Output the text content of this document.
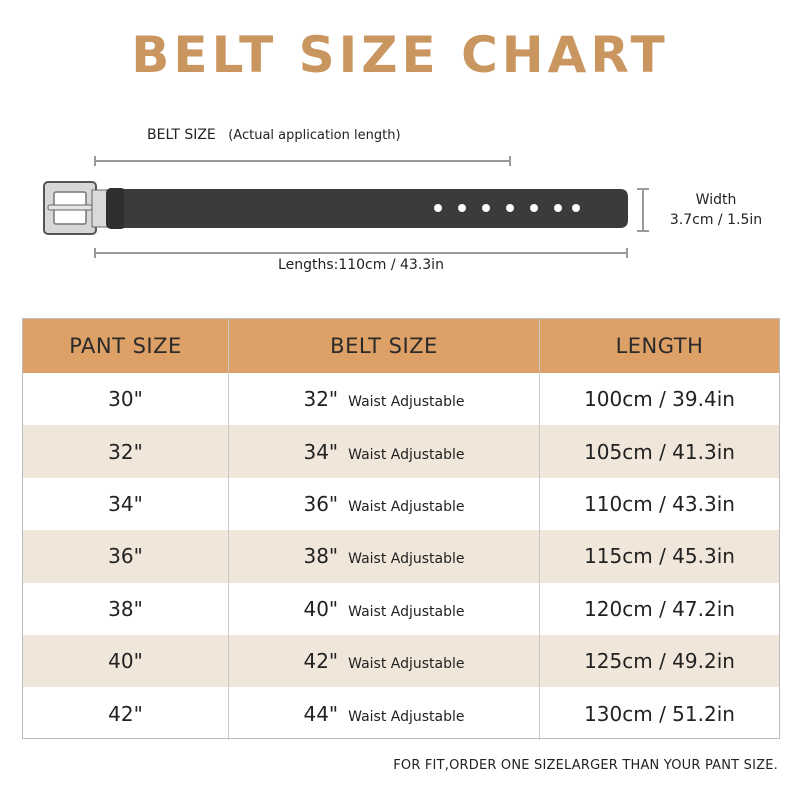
BELT SIZE CHART
BELT SIZE (Actual application length)
Width
3.7cm / 1.5in
Lengths:110cm / 43.3in
PANT SIZE	BELT SIZE	LENGTH
30"	32" Waist Adjustable	100cm / 39.4in
32"	34" Waist Adjustable	105cm / 41.3in
34"	36" Waist Adjustable	110cm / 43.3in
36"	38" Waist Adjustable	115cm / 45.3in
38"	40" Waist Adjustable	120cm / 47.2in
40"	42" Waist Adjustable	125cm / 49.2in
42"	44" Waist Adjustable	130cm / 51.2in
FOR FIT,ORDER ONE SIZELARGER THAN YOUR PANT SIZE.
